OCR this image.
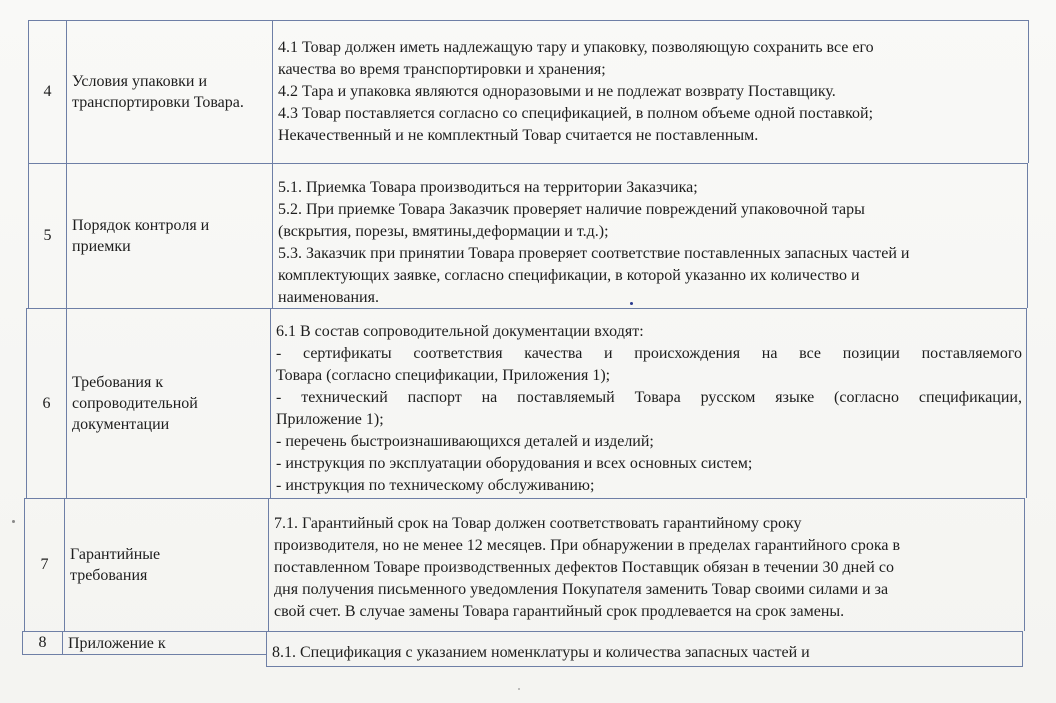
4
Условия упаковки и транспортировки Товара.
4.1 Товар должен иметь надлежащую тару и упаковку, позволяющую сохранить все его
качества во время транспортировки и хранения;
4.2 Тара и упаковка являются одноразовыми и не подлежат возврату Поставщику.
4.3 Товар поставляется согласно со спецификацией, в полном объеме одной поставкой;
Некачественный и не комплектный Товар считается не поставленным.
5
Порядок контроля и приемки
5.1. Приемка Товара производиться на территории Заказчика;
5.2. При приемке Товара Заказчик проверяет наличие повреждений упаковочной тары
(вскрытия, порезы, вмятины,деформации и т.д.);
5.3. Заказчик при принятии Товара проверяет соответствие поставленных запасных частей и
комплектующих заявке, согласно спецификации, в которой указанно их количество и
наименования.
6
Требования к сопроводительной документации
6.1 В состав сопроводительной документации входят:
- сертификаты соответствия качества и происхождения на все позиции поставляемого
Товара (согласно спецификации, Приложения 1);
- технический паспорт на поставляемый Товара русском языке (согласно спецификации,
Приложение 1);
- перечень быстроизнашивающихся деталей и изделий;
- инструкция по эксплуатации оборудования и всех основных систем;
- инструкция по техническому обслуживанию;
7
Гарантийные требования
7.1. Гарантийный срок на Товар должен соответствовать гарантийному сроку
производителя, но не менее 12 месяцев. При обнаружении в пределах гарантийного срока в
поставленном Товаре производственных дефектов Поставщик обязан в течении 30 дней со
дня получения письменного уведомления Покупателя заменить Товар своими силами и за
свой счет. В случае замены Товара гарантийный срок продлевается на срок замены.
8 Приложение к
8.1. Спецификация с указанием номенклатуры и количества запасных частей и
